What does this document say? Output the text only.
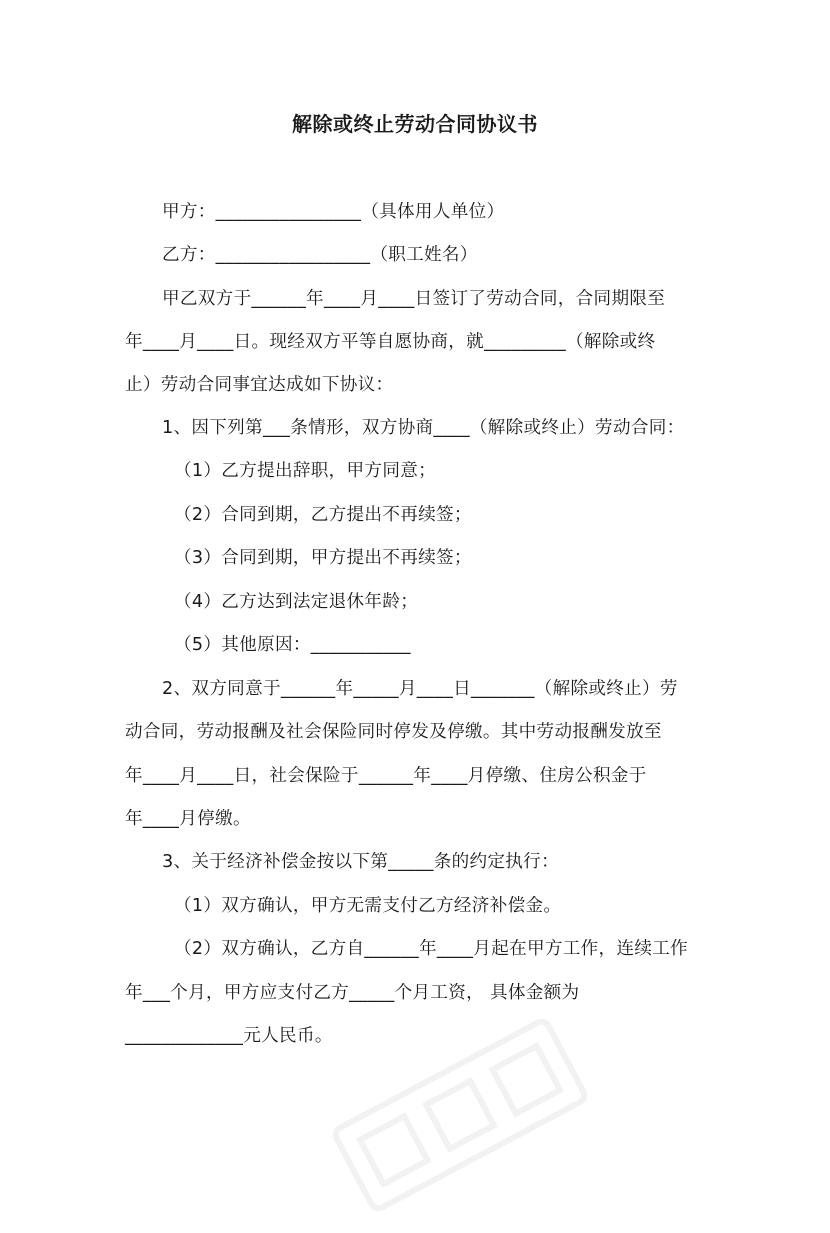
解除或终止劳动合同协议书
甲方：________________（具体用人单位）
乙方：_________________（职工姓名）
甲乙双方于______年____月____日签订了劳动合同，合同期限至
年____月____日。现经双方平等自愿协商，就_________（解除或终
止）劳动合同事宜达成如下协议：
1、因下列第___条情形，双方协商____（解除或终止）劳动合同：
（1）乙方提出辞职，甲方同意；
（2）合同到期，乙方提出不再续签；
（3）合同到期，甲方提出不再续签；
（4）乙方达到法定退休年龄；
（5）其他原因：___________
2、双方同意于______年_____月____日_______（解除或终止）劳
动合同，劳动报酬及社会保险同时停发及停缴。其中劳动报酬发放至
年____月____日，社会保险于______年____月停缴、住房公积金于
年____月停缴。
3、关于经济补偿金按以下第_____条的约定执行：
（1）双方确认，甲方无需支付乙方经济补偿金。
（2）双方确认，乙方自______年____月起在甲方工作，连续工作
年___个月，甲方应支付乙方_____个月工资， 具体金额为
_____________元人民币。
